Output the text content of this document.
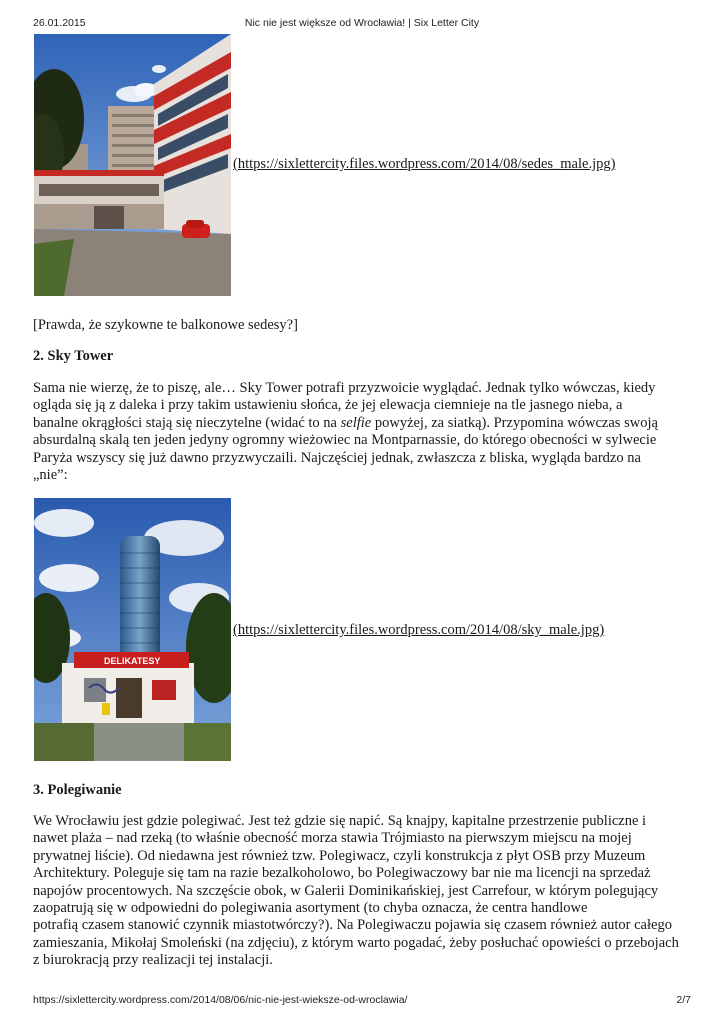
26.01.2015	Nic nie jest większe od Wrocławia! | Six Letter City
(https://sixlettercity.files.wordpress.com/2014/08/sedes_male.jpg)
[Prawda, że szykowne te balkonowe sedesy?]
2. Sky Tower
Sama nie wierzę, że to piszę, ale… Sky Tower potrafi przyzwoicie wyglądać. Jednak tylko wówczas, kiedy
ogląda się ją z daleka i przy takim ustawieniu słońca, że jej elewacja ciemnieje na tle jasnego nieba, a
banalne okrągłości stają się nieczytelne (widać to na selfie powyżej, za siatką). Przypomina wówczas swoją
absurdalną skalą ten jeden jedyny ogromny wieżowiec na Montparnassie, do którego obecności w sylwecie
Paryża wszyscy się już dawno przyzwyczaili. Najczęściej jednak, zwłaszcza z bliska, wygląda bardzo na
„nie”:
DELIKATESY
(https://sixlettercity.files.wordpress.com/2014/08/sky_male.jpg)
3. Polegiwanie
We Wrocławiu jest gdzie polegiwać. Jest też gdzie się napić. Są knajpy, kapitalne przestrzenie publiczne i
nawet plaża – nad rzeką (to właśnie obecność morza stawia Trójmiasto na pierwszym miejscu na mojej
prywatnej liście). Od niedawna jest również tzw. Polegiwacz, czyli konstrukcja z płyt OSB przy Muzeum
Architektury. Poleguje się tam na razie bezalkoholowo, bo Polegiwaczowy bar nie ma licencji na sprzedaż
napojów procentowych. Na szczęście obok, w Galerii Dominikańskiej, jest Carrefour, w którym polegujący
zaopatrują się w odpowiedni do polegiwania asortyment (to chyba oznacza, że centra handlowe
potrafią czasem stanowić czynnik miastotwórczy?). Na Polegiwaczu pojawia się czasem również autor całego
zamieszania, Mikołaj Smoleński (na zdjęciu), z którym warto pogadać, żeby posłuchać opowieści o przebojach
z biurokracją przy realizacji tej instalacji.
https://sixlettercity.wordpress.com/2014/08/06/nic-nie-jest-wieksze-od-wroclawia/	2/7
